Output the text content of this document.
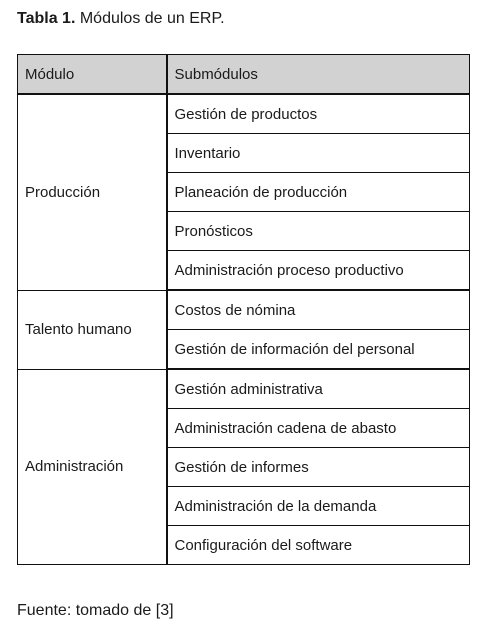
Tabla 1. Módulos de un ERP.
Módulo	Submódulos
Producción	Gestión de productos
	Inventario
	Planeación de producción
	Pronósticos
	Administración proceso productivo
Talento humano	Costos de nómina
	Gestión de información del personal
Administración	Gestión administrativa
	Administración cadena de abasto
	Gestión de informes
	Administración de la demanda
	Configuración del software
Fuente: tomado de [3]
